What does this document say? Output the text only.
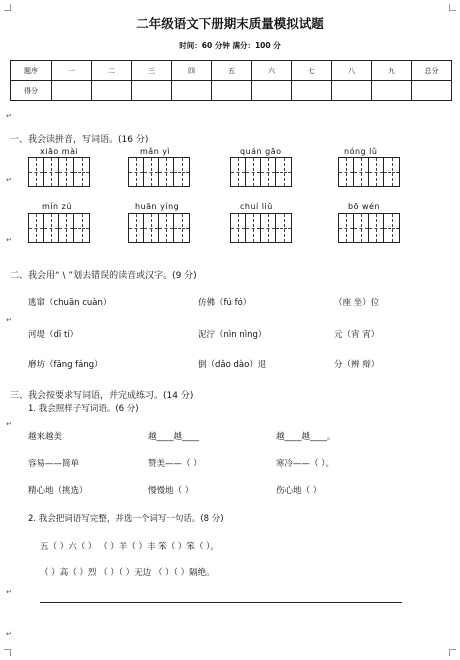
二年级语文下册期末质量模拟试题
时间：60 分钟 满分：100 分
题序	一	二	三	四	五	六	七	八	九	总分
得分										
一、我会读拼音，写词语。(16 分)
xiāo mài	mǎn yì	quán gāo	nóng lǔ
mín zú	huān yíng	chuí liǔ	bō wén
二、我会用“ \ ”划去错误的读音或汉字。(9 分)
逃窜（chuān cuàn）	仿佛（fú fó）	（座 坐）位
河堤（dī tí）	泥泞（nìn nìng）	元（宵 宵）
磨坊（fāng fáng）	倒（dǎo dào）退	分（辨 辩）
三、我会按要求写词语，并完成练习。(14 分)
1. 我会照样子写词语。(6 分)
越来越美	越____越____	越____越____。
容易——简单	赞美——（ ）	寒冷——（ ）。
精心地（挑选）	慢慢地（ ）	伤心地（ ）
2. 我会把词语写完整，并选一个词写一句话。(8 分)
五（ ）六（ ） （ ）羊（ ）丰 笨（ ）笨（ ）。
（ ）高（ ）烈 （ ）（ ）无边 （ ）（ ）隔绝。
↵
↵
↵
↵
↵
↵
↵
